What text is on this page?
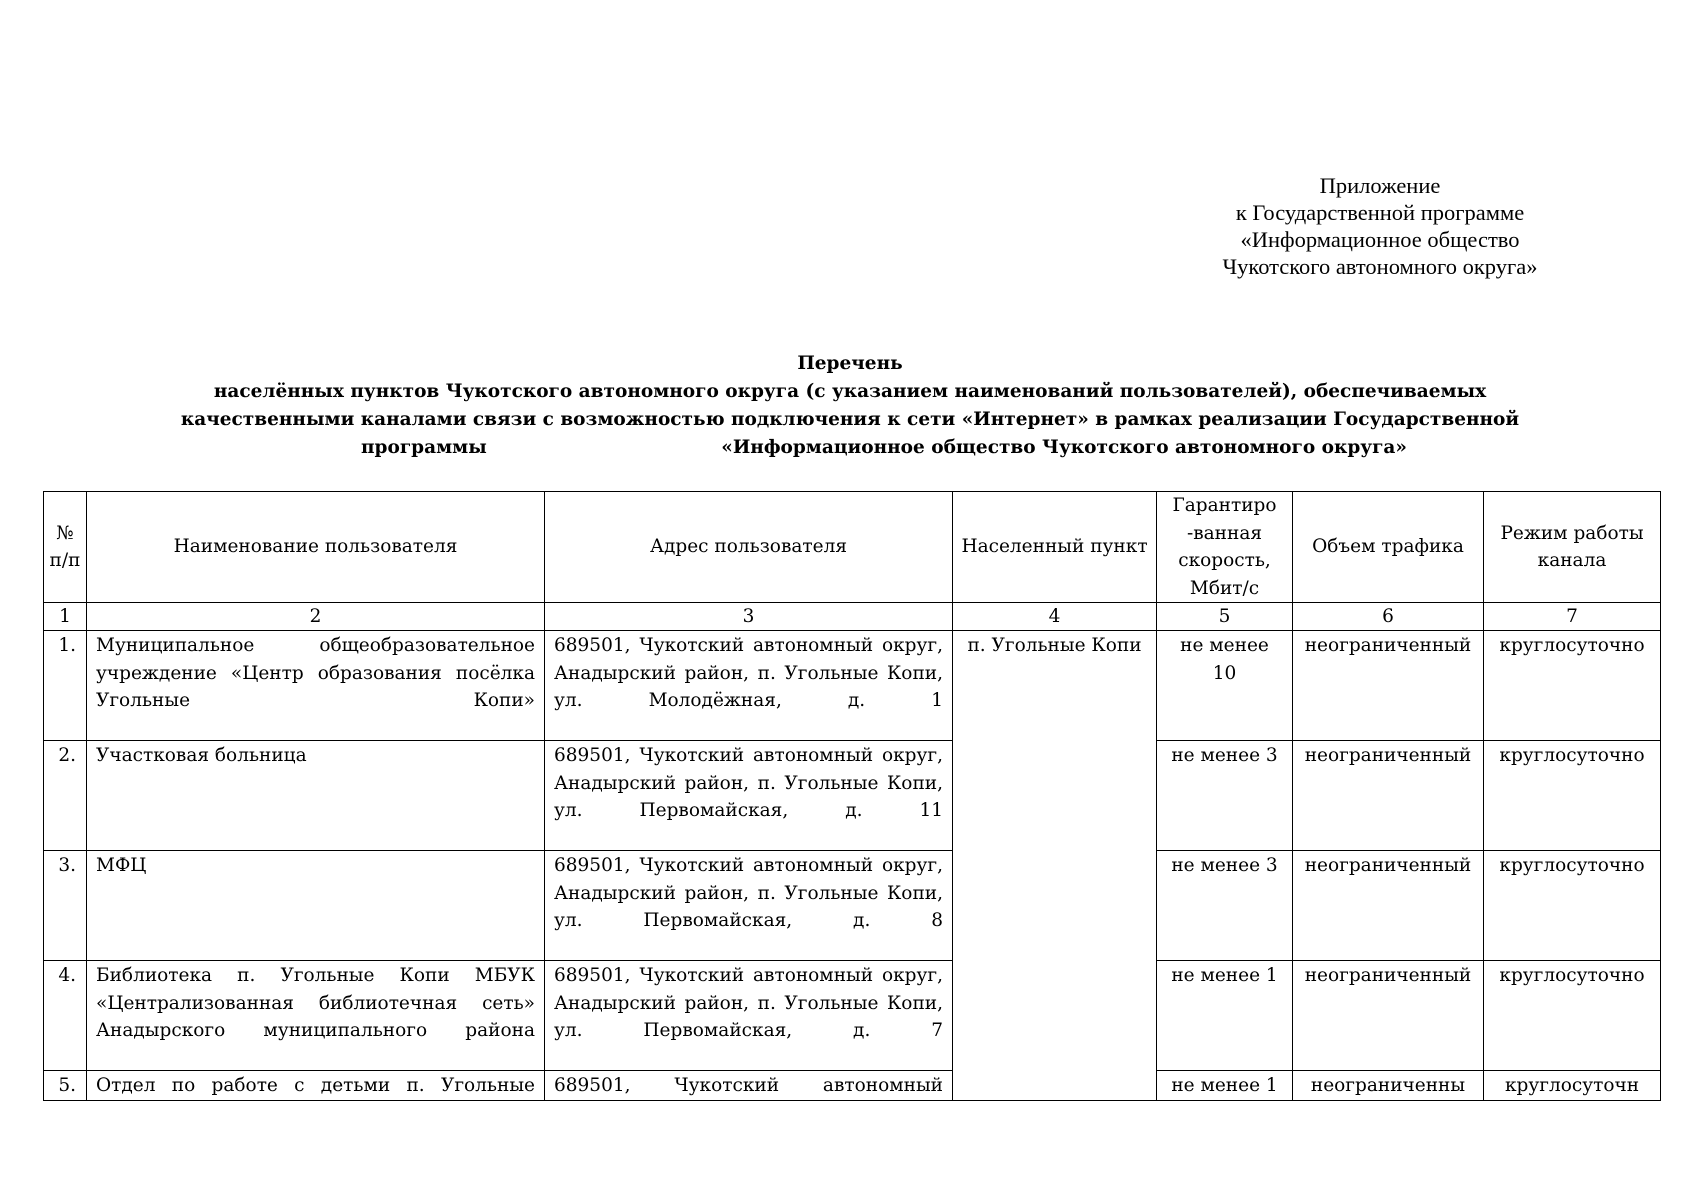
Приложение
к Государственной программе
«Информационное общество
Чукотского автономного округа»
Перечень
населённых пунктов Чукотского автономного округа (с указанием наименований пользователей), обеспечиваемых
качественными каналами связи с возможностью подключения к сети «Интернет» в рамках реализации Государственной
программы	«Информационное общество Чукотского автономного округа»
№ п/п	Наименование пользователя	Адрес пользователя	Населенный пункт	Гарантиро -ванная скорость, Мбит/с	Объем трафика	Режим работы канала
1	2	3	4	5	6	7
1.	Муниципальное общеобразовательное учреждение «Центр образования посёлка Угольные Копи»	689501, Чукотский автономный округ, Анадырский район, п. Угольные Копи, ул. Молодёжная, д. 1	п. Угольные Копи	не менее 10	неограниченный	круглосуточно
2.	Участковая больница	689501, Чукотский автономный округ, Анадырский район, п. Угольные Копи, ул. Первомайская, д. 11		не менее 3	неограниченный	круглосуточно
3.	МФЦ	689501, Чукотский автономный округ, Анадырский район, п. Угольные Копи, ул. Первомайская, д. 8		не менее 3	неограниченный	круглосуточно
4.	Библиотека п. Угольные Копи МБУК «Централизованная библиотечная сеть» Анадырского муниципального района	689501, Чукотский автономный округ, Анадырский район, п. Угольные Копи, ул. Первомайская, д. 7		не менее 1	неограниченный	круглосуточно
5.	Отдел по работе с детьми п. Угольные	689501, Чукотский автономный		не менее 1	неограниченны	круглосуточн
